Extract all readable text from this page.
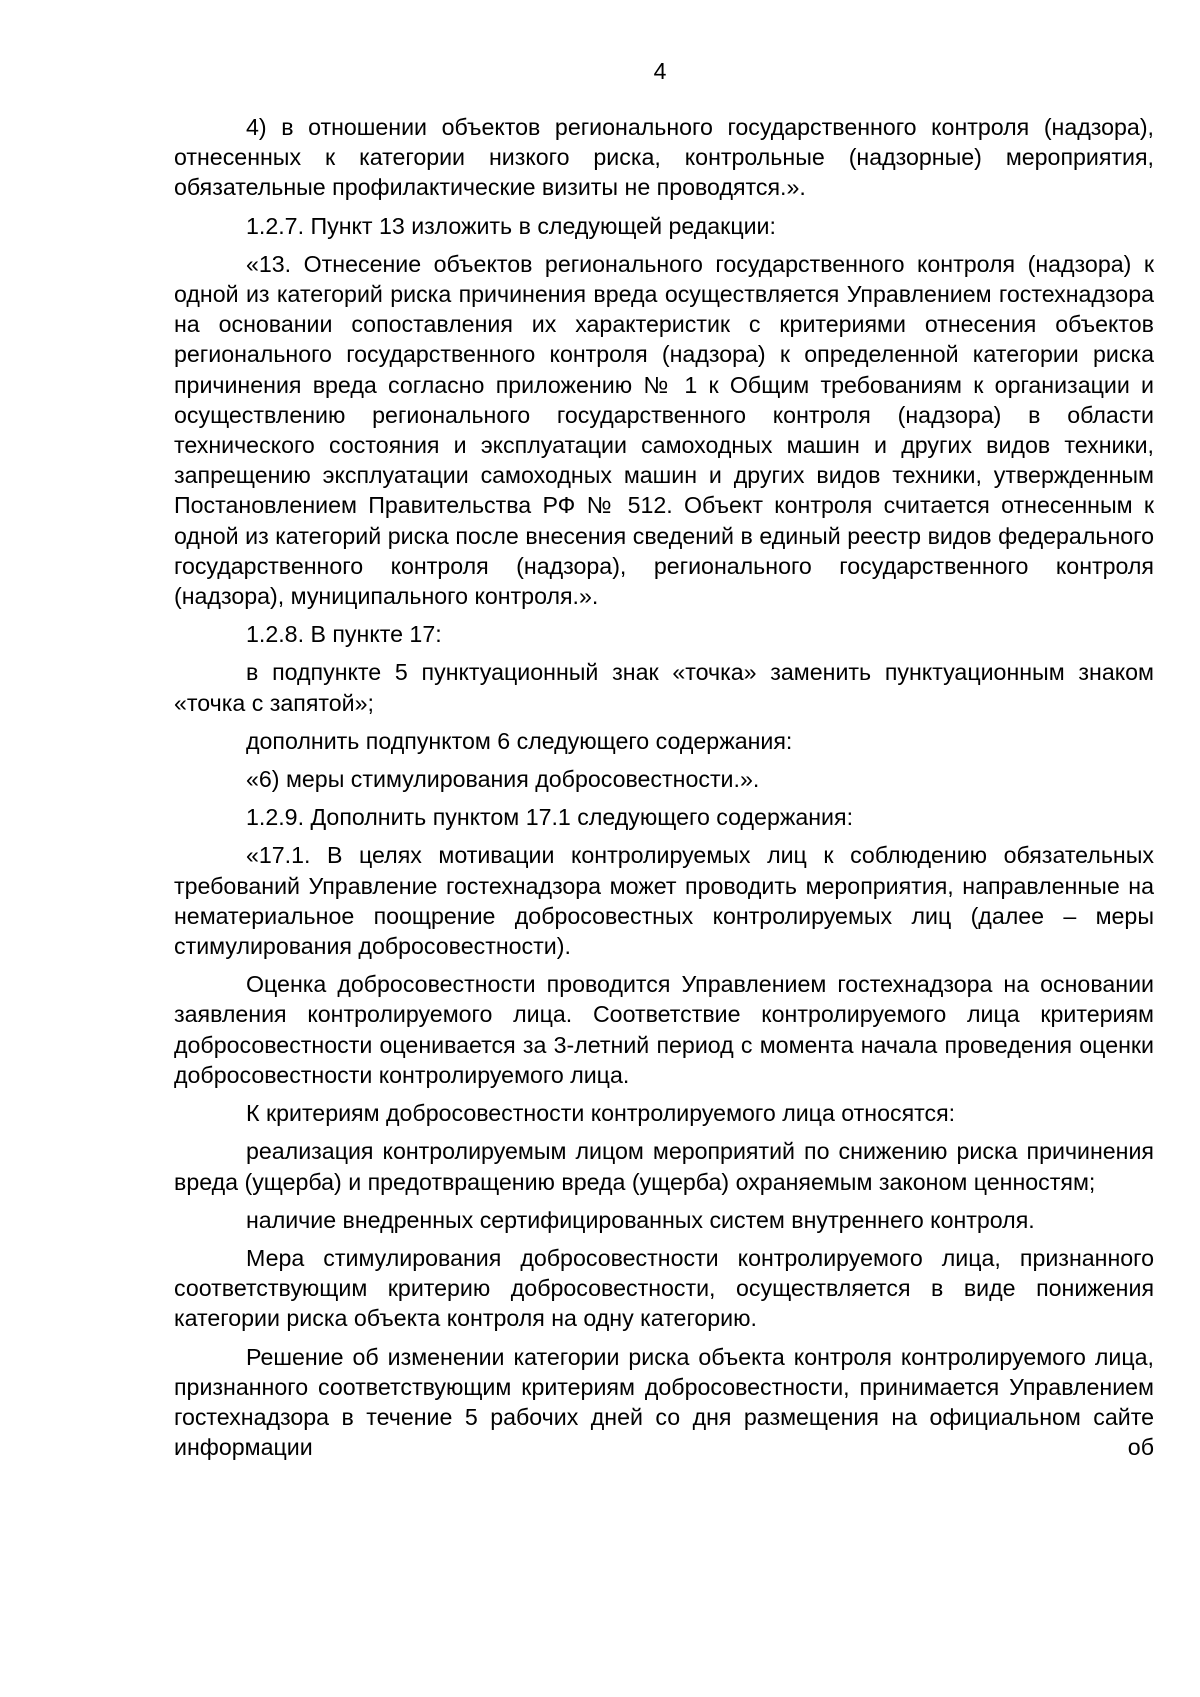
4

4) в отношении объектов регионального государственного контроля (надзора), отнесенных к категории низкого риска, контрольные (надзорные) мероприятия, обязательные профилактические визиты не проводятся.».

1.2.7. Пункт 13 изложить в следующей редакции:

«13. Отнесение объектов регионального государственного контроля (надзора) к одной из категорий риска причинения вреда осуществляется Управлением гостехнадзора на основании сопоставления их характеристик с критериями отнесения объектов регионального государственного контроля (надзора) к определенной категории риска причинения вреда согласно приложению № 1 к Общим требованиям к организации и осуществлению регионального государственного контроля (надзора) в области технического состояния и эксплуатации самоходных машин и других видов техники, запрещению эксплуатации самоходных машин и других видов техники, утвержденным Постановлением Правительства РФ № 512. Объект контроля считается отнесенным к одной из категорий риска после внесения сведений в единый реестр видов федерального государственного контроля (надзора), регионального государственного контроля (надзора), муниципального контроля.».

1.2.8. В пункте 17:

в подпункте 5 пунктуационный знак «точка» заменить пунктуационным знаком «точка с запятой»;

дополнить подпунктом 6 следующего содержания:

«6) меры стимулирования добросовестности.».

1.2.9. Дополнить пунктом 17.1 следующего содержания:

«17.1. В целях мотивации контролируемых лиц к соблюдению обязательных требований Управление гостехнадзора может проводить мероприятия, направленные на нематериальное поощрение добросовестных контролируемых лиц (далее – меры стимулирования добросовестности).

Оценка добросовестности проводится Управлением гостехнадзора на основании заявления контролируемого лица. Соответствие контролируемого лица критериям добросовестности оценивается за 3-летний период с момента начала проведения оценки добросовестности контролируемого лица.

К критериям добросовестности контролируемого лица относятся:

реализация контролируемым лицом мероприятий по снижению риска причинения вреда (ущерба) и предотвращению вреда (ущерба) охраняемым законом ценностям;

наличие внедренных сертифицированных систем внутреннего контроля.

Мера стимулирования добросовестности контролируемого лица, признанного соответствующим критерию добросовестности, осуществляется в виде понижения категории риска объекта контроля на одну категорию.

Решение об изменении категории риска объекта контроля контролируемого лица, признанного соответствующим критериям добросовестности, принимается Управлением гостехнадзора в течение 5 рабочих дней со дня размещения на официальном сайте информации об
